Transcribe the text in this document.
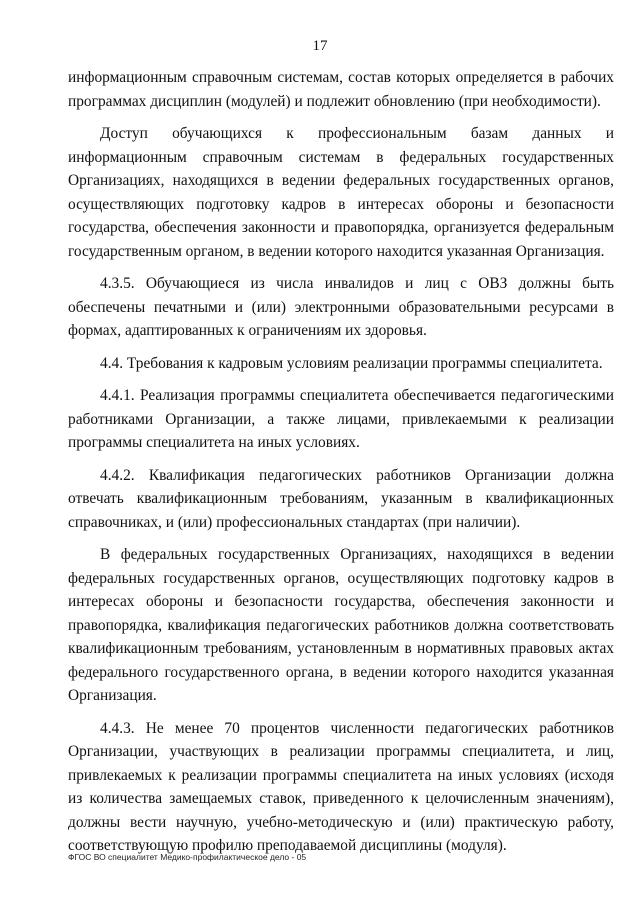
17

информационным справочным системам, состав которых определяется в рабочих программах дисциплин (модулей) и подлежит обновлению (при необходимости).

Доступ обучающихся к профессиональным базам данных и информационным справочным системам в федеральных государственных Организациях, находящихся в ведении федеральных государственных органов, осуществляющих подготовку кадров в интересах обороны и безопасности государства, обеспечения законности и правопорядка, организуется федеральным государственным органом, в ведении которого находится указанная Организация.

4.3.5. Обучающиеся из числа инвалидов и лиц с ОВЗ должны быть обеспечены печатными и (или) электронными образовательными ресурсами в формах, адаптированных к ограничениям их здоровья.

4.4. Требования к кадровым условиям реализации программы специалитета.

4.4.1. Реализация программы специалитета обеспечивается педагогическими работниками Организации, а также лицами, привлекаемыми к реализации программы специалитета на иных условиях.

4.4.2. Квалификация педагогических работников Организации должна отвечать квалификационным требованиям, указанным в квалификационных справочниках, и (или) профессиональных стандартах (при наличии).

В федеральных государственных Организациях, находящихся в ведении федеральных государственных органов, осуществляющих подготовку кадров в интересах обороны и безопасности государства, обеспечения законности и правопорядка, квалификация педагогических работников должна соответствовать квалификационным требованиям, установленным в нормативных правовых актах федерального государственного органа, в ведении которого находится указанная Организация.

4.4.3. Не менее 70 процентов численности педагогических работников Организации, участвующих в реализации программы специалитета, и лиц, привлекаемых к реализации программы специалитета на иных условиях (исходя из количества замещаемых ставок, приведенного к целочисленным значениям), должны вести научную, учебно-методическую и (или) практическую работу, соответствующую профилю преподаваемой дисциплины (модуля).

ФГОС ВО специалитет Медико-профилактическое дело - 05
